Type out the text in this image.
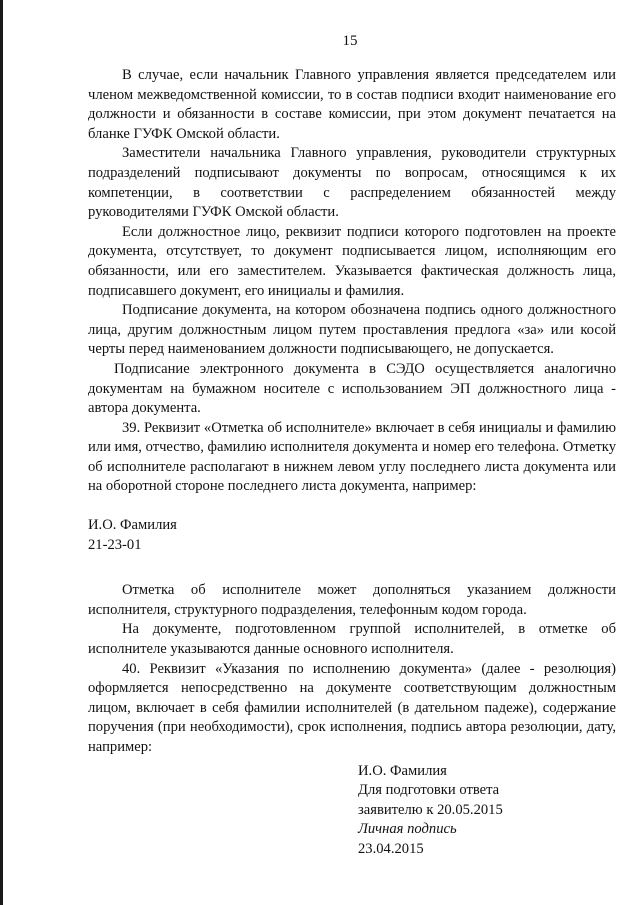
15

В случае, если начальник Главного управления является председателем или членом межведомственной комиссии, то в состав подписи входит наименование его должности и обязанности в составе комиссии, при этом документ печатается на бланке ГУФК Омской области.

Заместители начальника Главного управления, руководители структурных подразделений подписывают документы по вопросам, относящимся к их компетенции, в соответствии с распределением обязанностей между руководителями ГУФК Омской области.

Если должностное лицо, реквизит подписи которого подготовлен на проекте документа, отсутствует, то документ подписывается лицом, исполняющим его обязанности, или его заместителем. Указывается фактическая должность лица, подписавшего документ, его инициалы и фамилия.

Подписание документа, на котором обозначена подпись одного должностного лица, другим должностным лицом путем проставления предлога «за» или косой черты перед наименованием должности подписывающего, не допускается.

Подписание электронного документа в СЭДО осуществляется аналогично документам на бумажном носителе с использованием ЭП должностного лица - автора документа.

39. Реквизит «Отметка об исполнителе» включает в себя инициалы и фамилию или имя, отчество, фамилию исполнителя документа и номер его телефона. Отметку об исполнителе располагают в нижнем левом углу последнего листа документа или на оборотной стороне последнего листа документа, например:

И.О. Фамилия
21-23-01

Отметка об исполнителе может дополняться указанием должности исполнителя, структурного подразделения, телефонным кодом города.

На документе, подготовленном группой исполнителей, в отметке об исполнителе указываются данные основного исполнителя.

40. Реквизит «Указания по исполнению документа» (далее - резолюция) оформляется непосредственно на документе соответствующим должностным лицом, включает в себя фамилии исполнителей (в дательном падеже), содержание поручения (при необходимости), срок исполнения, подпись автора резолюции, дату, например:

И.О. Фамилия
Для подготовки ответа
заявителю к 20.05.2015
Личная подпись
23.04.2015
